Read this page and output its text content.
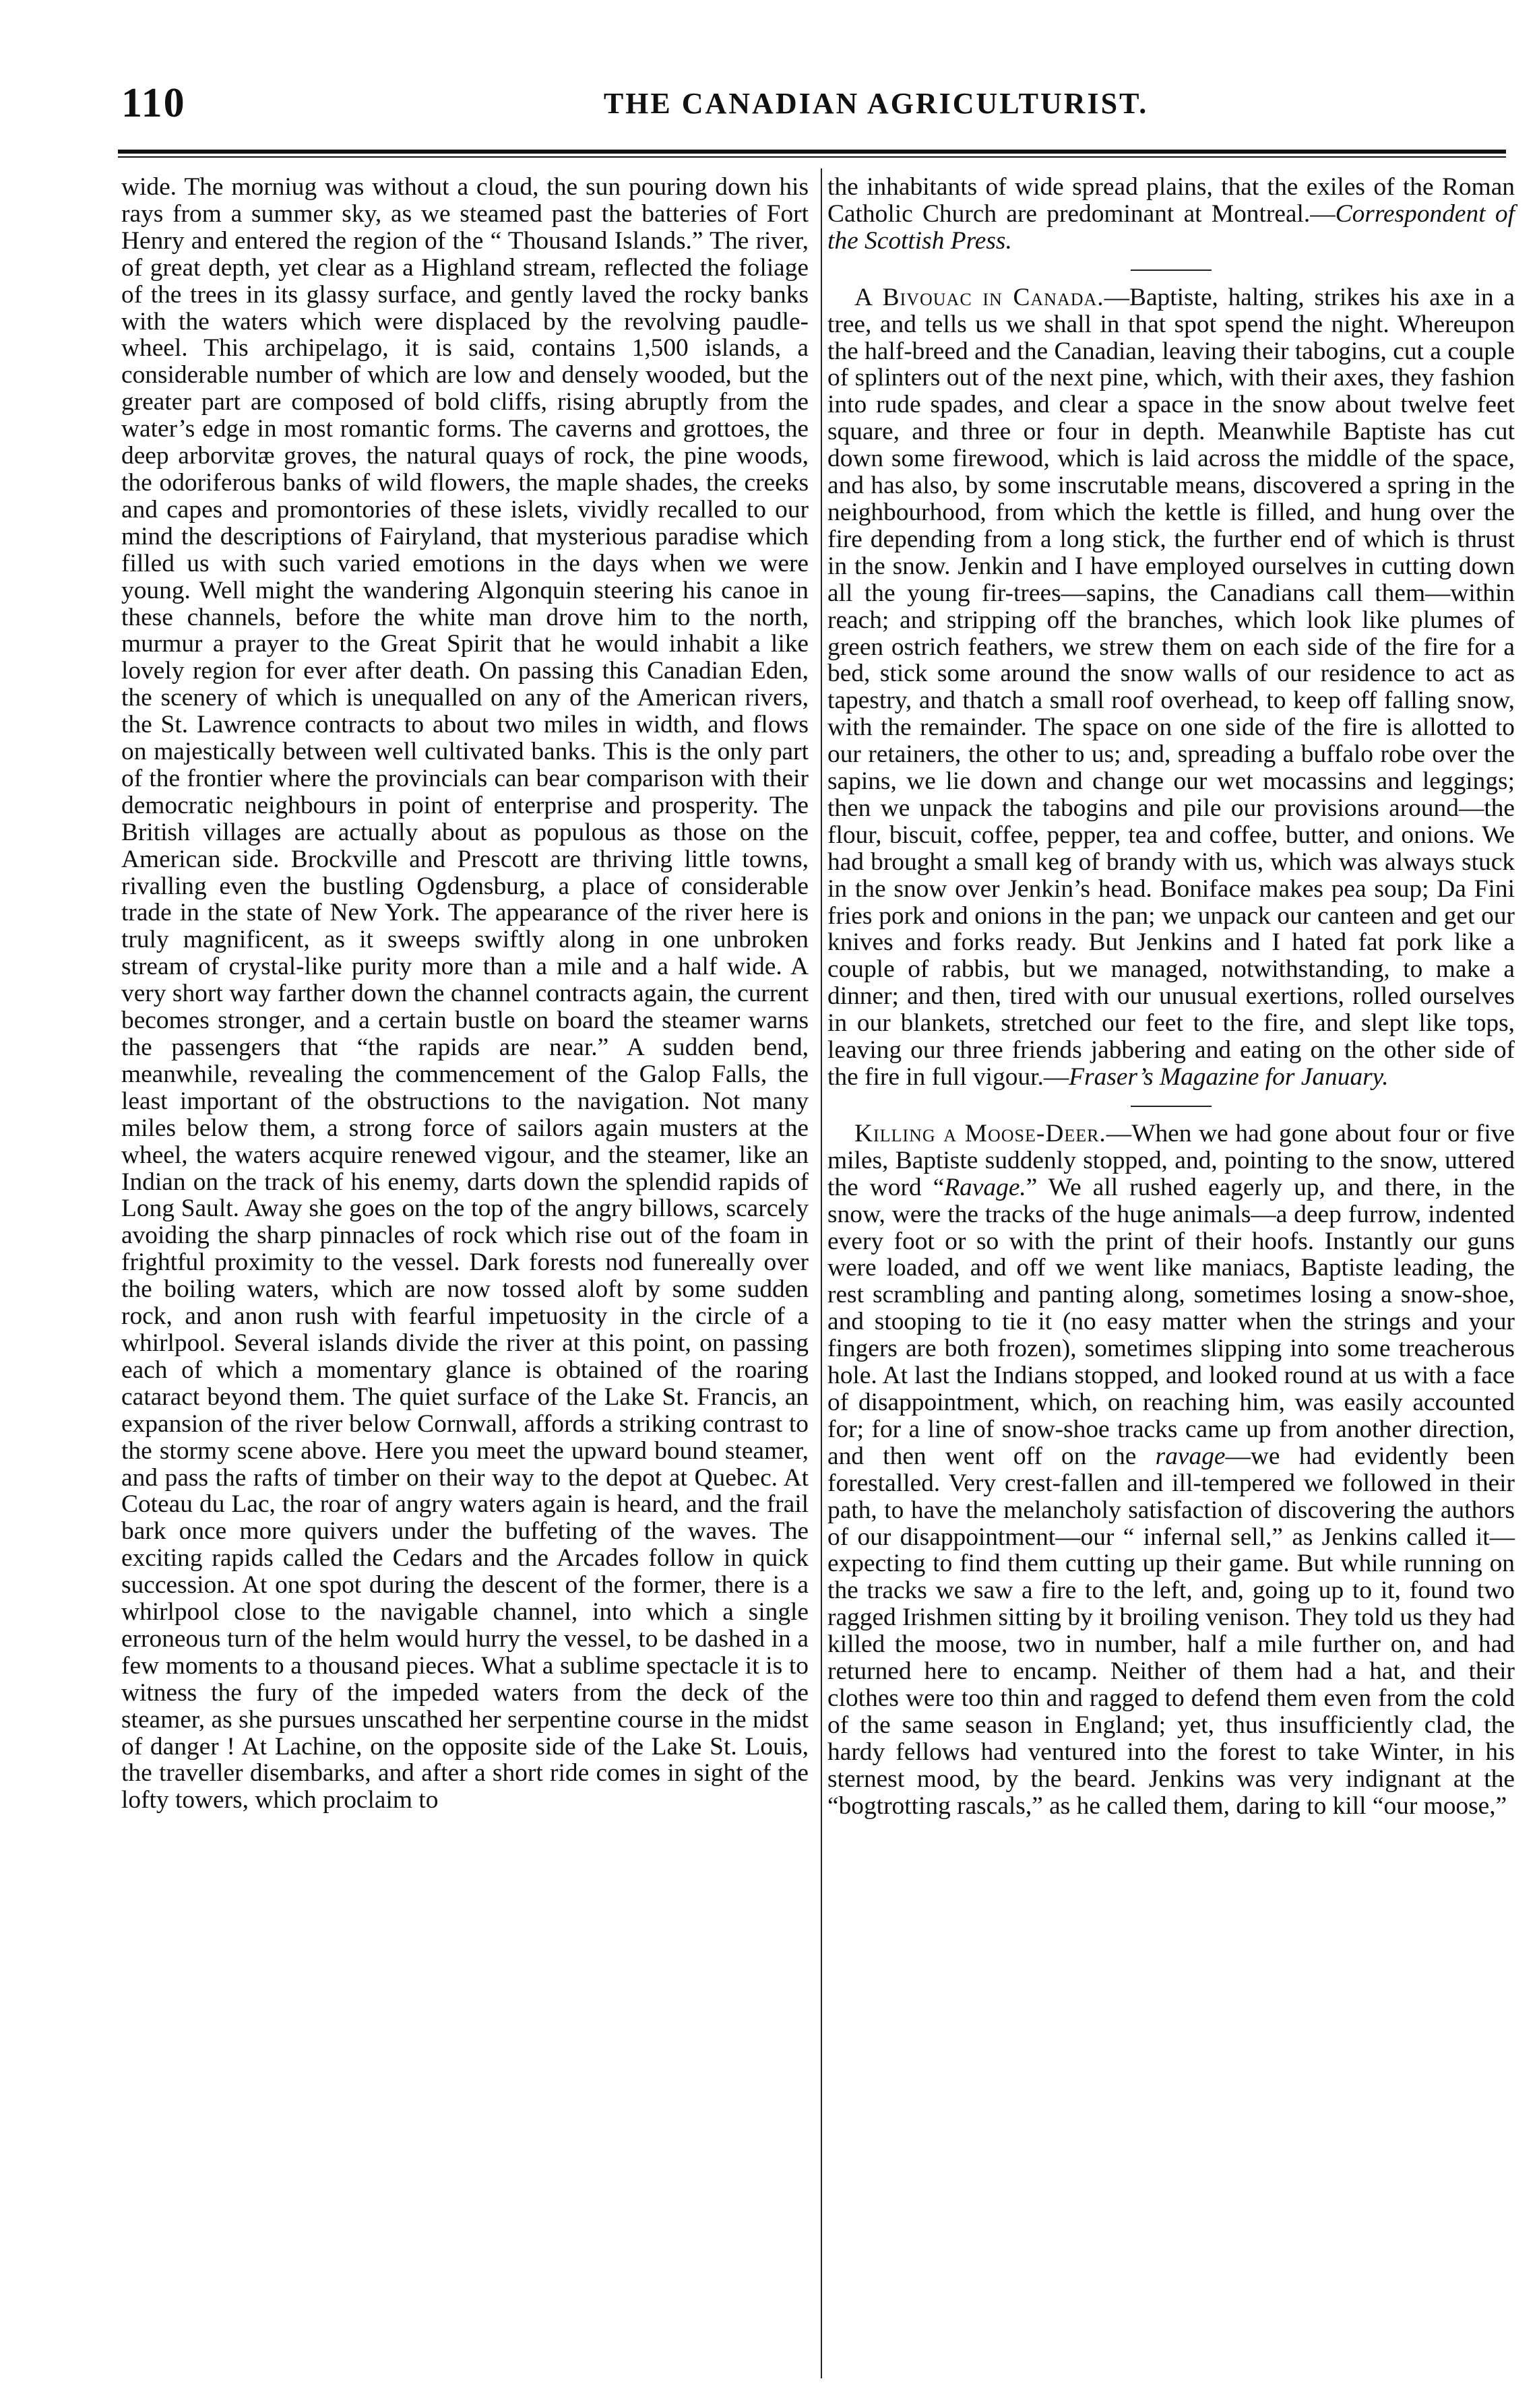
110	THE CANADIAN AGRICULTURIST.

wide. The morniug was without a cloud, the sun pouring down his rays from a summer sky, as we steamed past the batteries of Fort Henry and entered the region of the “ Thousand Islands.” The river, of great depth, yet clear as a Highland stream, reflected the foliage of the trees in its glassy surface, and gently laved the rocky banks with the waters which were displaced by the revolving paudle-wheel. This archipelago, it is said, contains 1,500 islands, a considerable number of which are low and densely wooded, but the greater part are composed of bold cliffs, rising abruptly from the water’s edge in most romantic forms. The caverns and grottoes, the deep arborvitæ groves, the natural quays of rock, the pine woods, the odoriferous banks of wild flowers, the maple shades, the creeks and capes and promontories of these islets, vividly recalled to our mind the descriptions of Fairyland, that mysterious paradise which filled us with such varied emotions in the days when we were young. Well might the wandering Algonquin steering his canoe in these channels, before the white man drove him to the north, murmur a prayer to the Great Spirit that he would inhabit a like lovely region for ever after death. On passing this Canadian Eden, the scenery of which is unequalled on any of the American rivers, the St. Lawrence contracts to about two miles in width, and flows on majestically between well cultivated banks. This is the only part of the frontier where the provincials can bear comparison with their democratic neighbours in point of enterprise and prosperity. The British villages are actually about as populous as those on the American side. Brockville and Prescott are thriving little towns, rivalling even the bustling Ogdensburg, a place of considerable trade in the state of New York. The appearance of the river here is truly magnificent, as it sweeps swiftly along in one unbroken stream of crystal-like purity more than a mile and a half wide. A very short way farther down the channel contracts again, the current becomes stronger, and a certain bustle on board the steamer warns the passengers that “the rapids are near.” A sudden bend, meanwhile, revealing the commencement of the Galop Falls, the least important of the obstructions to the navigation. Not many miles below them, a strong force of sailors again musters at the wheel, the waters acquire renewed vigour, and the steamer, like an Indian on the track of his enemy, darts down the splendid rapids of Long Sault. Away she goes on the top of the angry billows, scarcely avoiding the sharp pinnacles of rock which rise out of the foam in frightful proximity to the vessel. Dark forests nod funereally over the boiling waters, which are now tossed aloft by some sudden rock, and anon rush with fearful impetuosity in the circle of a whirlpool. Several islands divide the river at this point, on passing each of which a momentary glance is obtained of the roaring cataract beyond them. The quiet surface of the Lake St. Francis, an expansion of the river below Cornwall, affords a striking contrast to the stormy scene above. Here you meet the upward bound steamer, and pass the rafts of timber on their way to the depot at Quebec. At Coteau du Lac, the roar of angry waters again is heard, and the frail bark once more quivers under the buffeting of the waves. The exciting rapids called the Cedars and the Arcades follow in quick succession. At one spot during the descent of the former, there is a whirlpool close to the navigable channel, into which a single erroneous turn of the helm would hurry the vessel, to be dashed in a few moments to a thousand pieces. What a sublime spectacle it is to witness the fury of the impeded waters from the deck of the steamer, as she pursues unscathed her serpentine course in the midst of danger ! At Lachine, on the opposite side of the Lake St. Louis, the traveller disembarks, and after a short ride comes in sight of the lofty towers, which proclaim to

the inhabitants of wide spread plains, that the exiles of the Roman Catholic Church are predominant at Montreal.—Correspondent of the Scottish Press.

A Bivouac in Canada.—Baptiste, halting, strikes his axe in a tree, and tells us we shall in that spot spend the night. Whereupon the half-breed and the Canadian, leaving their tabogins, cut a couple of splinters out of the next pine, which, with their axes, they fashion into rude spades, and clear a space in the snow about twelve feet square, and three or four in depth. Meanwhile Baptiste has cut down some firewood, which is laid across the middle of the space, and has also, by some inscrutable means, discovered a spring in the neighbourhood, from which the kettle is filled, and hung over the fire depending from a long stick, the further end of which is thrust in the snow. Jenkin and I have employed ourselves in cutting down all the young fir-trees—sapins, the Canadians call them—within reach; and stripping off the branches, which look like plumes of green ostrich feathers, we strew them on each side of the fire for a bed, stick some around the snow walls of our residence to act as tapestry, and thatch a small roof overhead, to keep off falling snow, with the remainder. The space on one side of the fire is allotted to our retainers, the other to us; and, spreading a buffalo robe over the sapins, we lie down and change our wet mocassins and leggings; then we unpack the tabogins and pile our provisions around—the flour, biscuit, coffee, pepper, tea and coffee, butter, and onions. We had brought a small keg of brandy with us, which was always stuck in the snow over Jenkin’s head. Boniface makes pea soup; Da Fini fries pork and onions in the pan; we unpack our canteen and get our knives and forks ready. But Jenkins and I hated fat pork like a couple of rabbis, but we managed, notwithstanding, to make a dinner; and then, tired with our unusual exertions, rolled ourselves in our blankets, stretched our feet to the fire, and slept like tops, leaving our three friends jabbering and eating on the other side of the fire in full vigour.—Fraser’s Magazine for January.

Killing a Moose-Deer.—When we had gone about four or five miles, Baptiste suddenly stopped, and, pointing to the snow, uttered the word “Ravage.” We all rushed eagerly up, and there, in the snow, were the tracks of the huge animals—a deep furrow, indented every foot or so with the print of their hoofs. Instantly our guns were loaded, and off we went like maniacs, Baptiste leading, the rest scrambling and panting along, sometimes losing a snow-shoe, and stooping to tie it (no easy matter when the strings and your fingers are both frozen), sometimes slipping into some treacherous hole. At last the Indians stopped, and looked round at us with a face of disappointment, which, on reaching him, was easily accounted for; for a line of snow-shoe tracks came up from another direction, and then went off on the ravage—we had evidently been forestalled. Very crest-fallen and ill-tempered we followed in their path, to have the melancholy satisfaction of discovering the authors of our disappointment—our “ infernal sell,” as Jenkins called it—expecting to find them cutting up their game. But while running on the tracks we saw a fire to the left, and, going up to it, found two ragged Irishmen sitting by it broiling venison. They told us they had killed the moose, two in number, half a mile further on, and had returned here to encamp. Neither of them had a hat, and their clothes were too thin and ragged to defend them even from the cold of the same season in England; yet, thus insufficiently clad, the hardy fellows had ventured into the forest to take Winter, in his sternest mood, by the beard. Jenkins was very indignant at the “bogtrotting rascals,” as he called them, daring to kill “our moose,”
